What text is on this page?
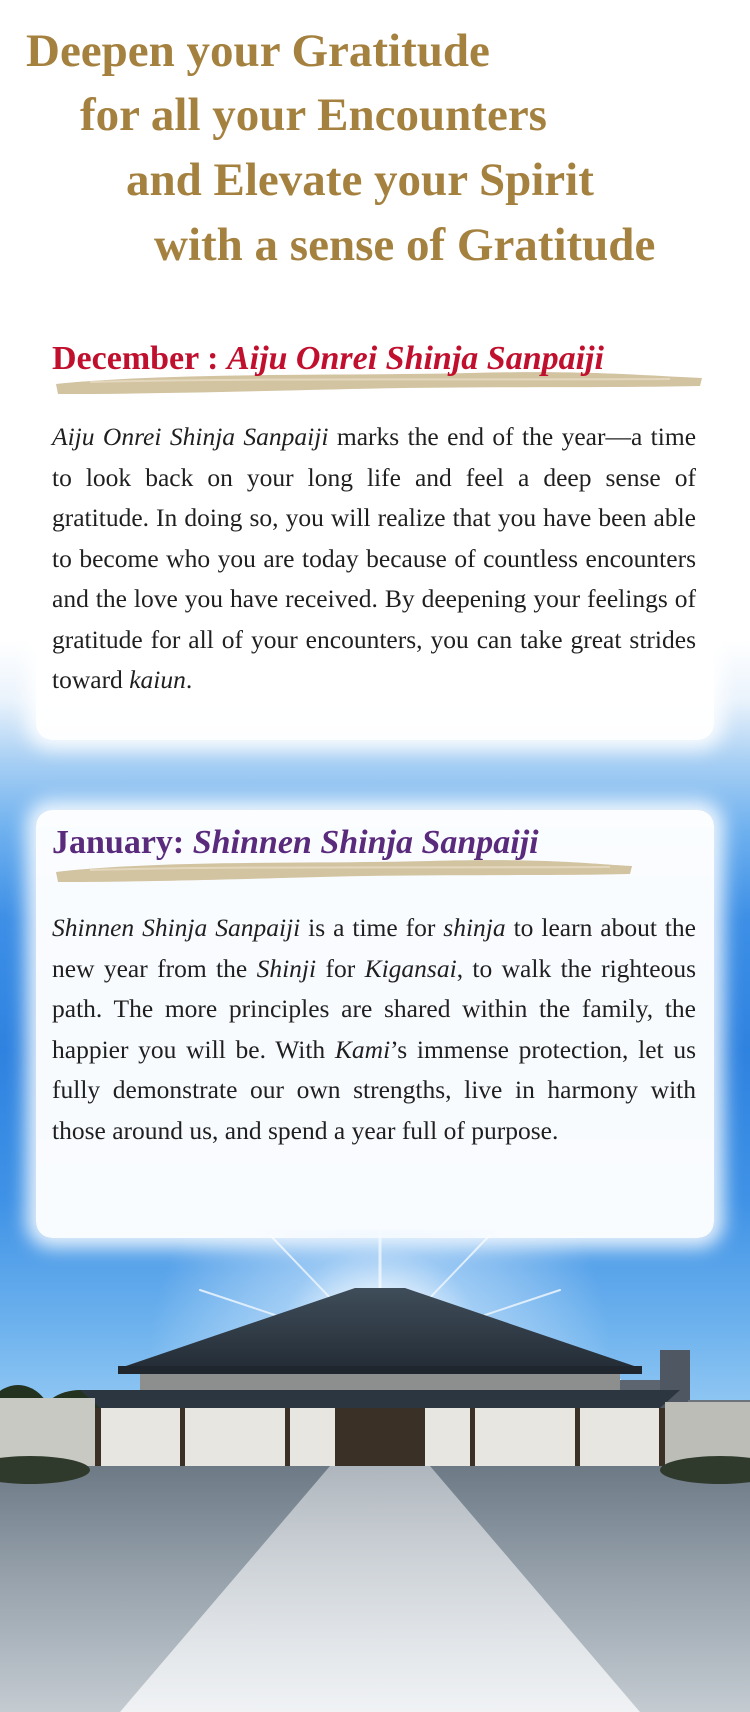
Deepen your Gratitude
for all your Encounters
and Elevate your Spirit
with a sense of Gratitude
December : Aiju Onrei Shinja Sanpaiji

Aiju Onrei Shinja Sanpaiji marks the end of the year—a time to look back on your long life and feel a deep sense of gratitude. In doing so, you will realize that you have been able to become who you are today because of countless encounters and the love you have received. By deepening your feelings of gratitude for all of your encounters, you can take great strides toward kaiun.

January: Shinnen Shinja Sanpaiji

Shinnen Shinja Sanpaiji is a time for shinja to learn about the new year from the Shinji for Kigansai, to walk the righteous path. The more principles are shared within the family, the happier you will be. With Kami’s immense protection, let us fully demonstrate our own strengths, live in harmony with those around us, and spend a year full of purpose.
